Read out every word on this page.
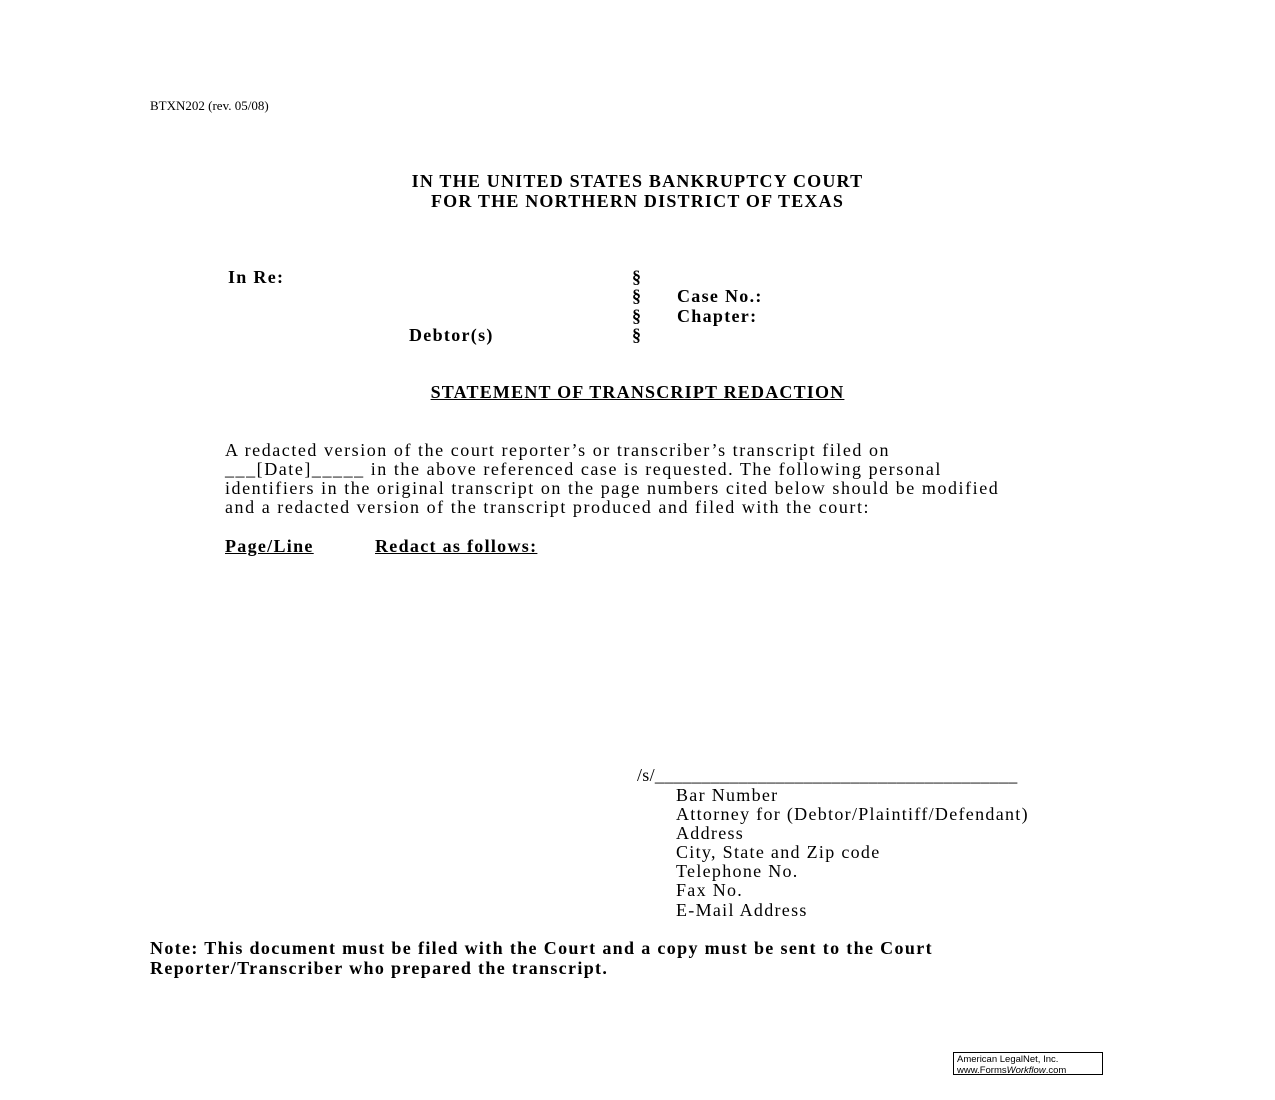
BTXN202 (rev. 05/08)
IN THE UNITED STATES BANKRUPTCY COURT
FOR THE NORTHERN DISTRICT OF TEXAS
In Re:
Debtor(s)
§
§
§
§
Case No.:
Chapter:
STATEMENT OF TRANSCRIPT REDACTION
A redacted version of the court reporter’s or transcriber’s transcript filed on
___[Date]_____ in the above referenced case is requested. The following personal
identifiers in the original transcript on the page numbers cited below should be modified
and a redacted version of the transcript produced and filed with the court:
Page/Line	Redact as follows:
/s/_______________________________________
Bar Number
Attorney for (Debtor/Plaintiff/Defendant)
Address
City, State and Zip code
Telephone No.
Fax No.
E-Mail Address
Note: This document must be filed with the Court and a copy must be sent to the Court
Reporter/Transcriber who prepared the transcript.
American LegalNet, Inc.
www.FormsWorkflow.com
